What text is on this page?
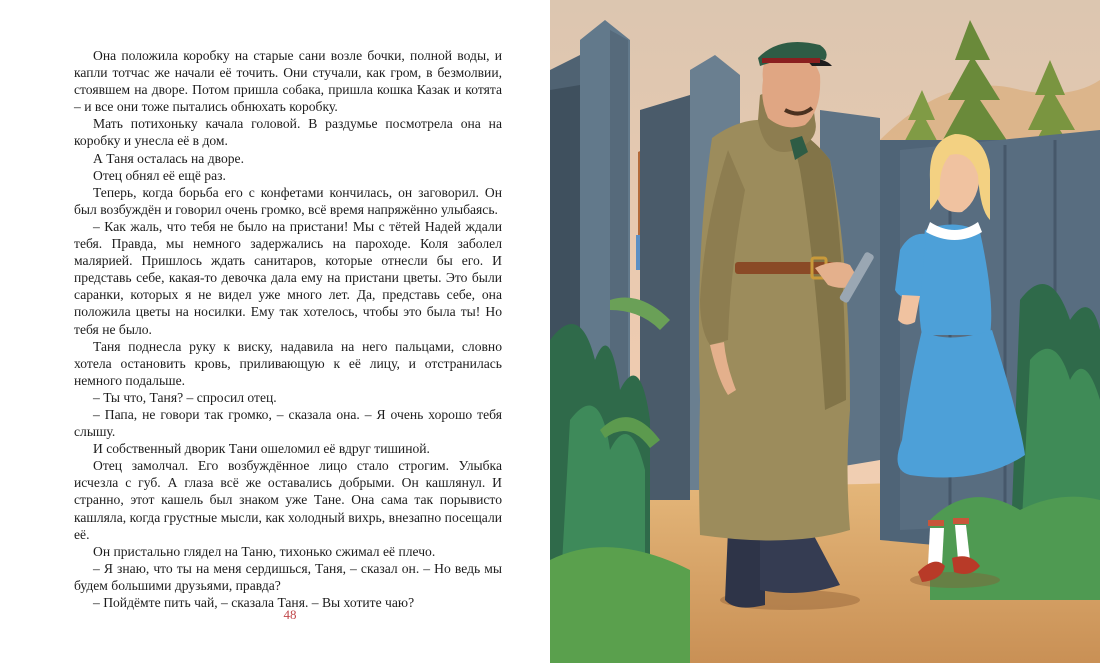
Она положила коробку на старые сани возле бочки, полной воды, и капли тотчас же начали её точить. Они стучали, как гром, в безмолвии, стоявшем на дворе. Потом пришла собака, пришла кошка Казак и котята – и все они тоже пытались обнюхать коробку.

Мать потихоньку качала головой. В раздумье посмотрела она на коробку и унесла её в дом.

А Таня осталась на дворе.

Отец обнял её ещё раз.

Теперь, когда борьба его с конфетами кончилась, он заговорил. Он был возбуждён и говорил очень громко, всё время напряжённо улыбаясь.

– Как жаль, что тебя не было на пристани! Мы с тётей Надей ждали тебя. Правда, мы немного задержались на пароходе. Коля заболел малярией. Пришлось ждать санитаров, которые отнесли бы его. И представь себе, какая-то девочка дала ему на пристани цветы. Это были саранки, которых я не видел уже много лет. Да, представь себе, она положила цветы на носилки. Ему так хотелось, чтобы это была ты! Но тебя не было.

Таня поднесла руку к виску, надавила на него пальцами, словно хотела остановить кровь, приливающую к её лицу, и отстранилась немного подальше.

– Ты что, Таня? – спросил отец.

– Папа, не говори так громко, – сказала она. – Я очень хорошо тебя слышу.

И собственный дворик Тани ошеломил её вдруг тишиной.

Отец замолчал. Его возбуждённое лицо стало строгим. Улыбка исчезла с губ. А глаза всё же оставались добрыми. Он кашлянул. И странно, этот кашель был знаком уже Тане. Она сама так порывисто кашляла, когда грустные мысли, как холодный вихрь, внезапно посещали её.

Он пристально глядел на Таню, тихонько сжимал её плечо.

– Я знаю, что ты на меня сердишься, Таня, – сказал он. – Но ведь мы будем большими друзьями, правда?

– Пойдёмте пить чай, – сказала Таня. – Вы хотите чаю?

48
